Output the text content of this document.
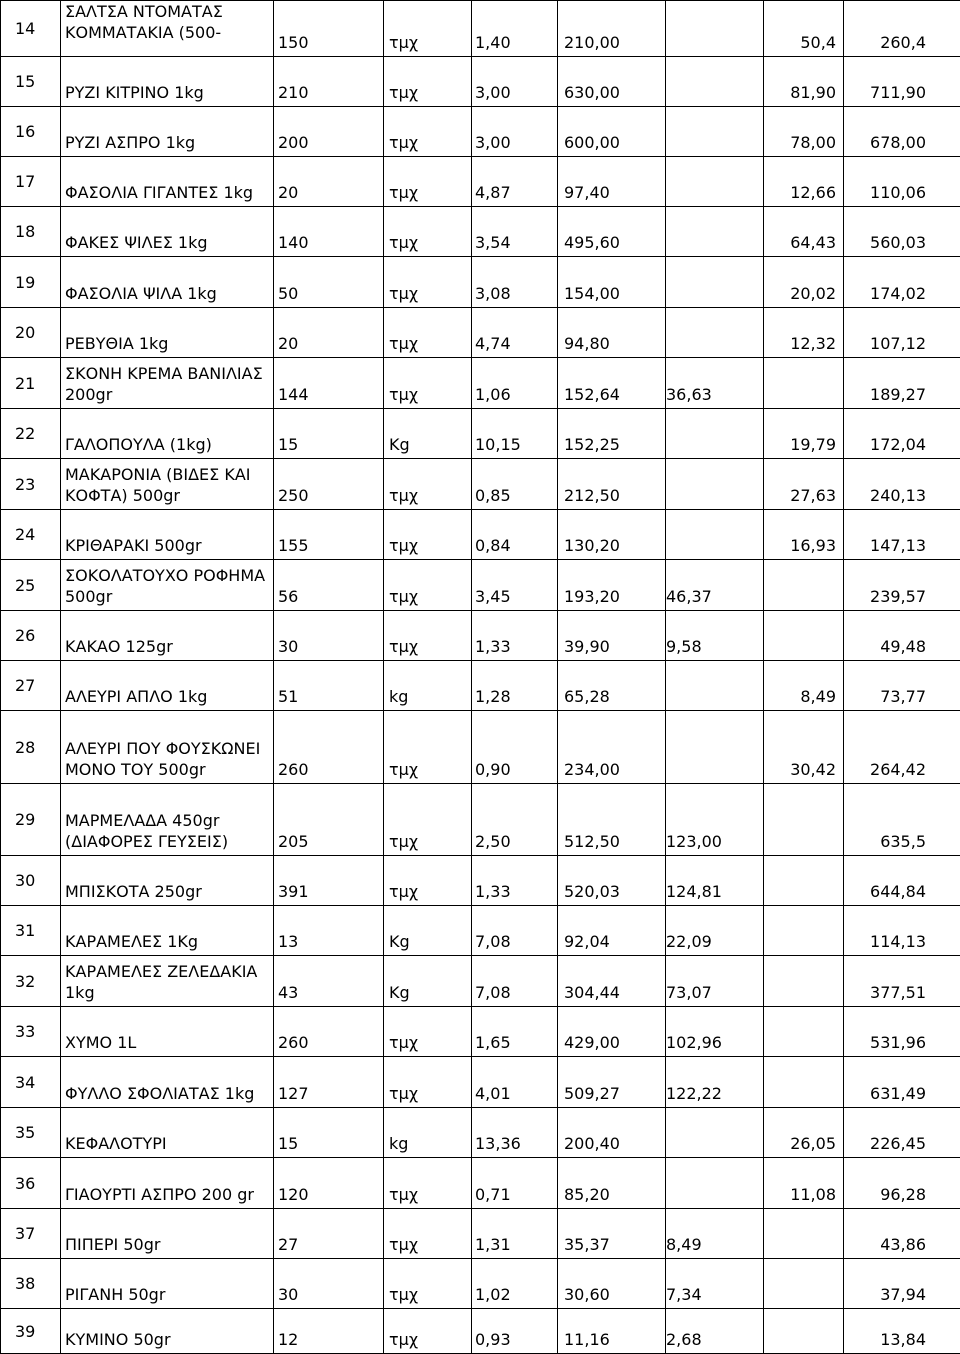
14	ΣΑΛΤΣΑ ΝΤΟΜΑΤΑΣ ΚΟΜΜΑΤΑΚΙΑ (500-	150	τμχ	1,40	210,00		50,4	260,4
15	ΡΥΖΙ ΚΙΤΡΙΝΟ 1kg	210	τμχ	3,00	630,00		81,90	711,90
16	ΡΥΖΙ ΑΣΠΡΟ 1kg	200	τμχ	3,00	600,00		78,00	678,00
17	ΦΑΣΟΛΙΑ ΓΙΓΑΝΤΕΣ 1kg	20	τμχ	4,87	97,40		12,66	110,06
18	ΦΑΚΕΣ ΨΙΛΕΣ 1kg	140	τμχ	3,54	495,60		64,43	560,03
19	ΦΑΣΟΛΙΑ ΨΙΛΑ 1kg	50	τμχ	3,08	154,00		20,02	174,02
20	ΡΕΒΥΘΙΑ 1kg	20	τμχ	4,74	94,80		12,32	107,12
21	ΣΚΟΝΗ ΚΡΕΜΑ ΒΑΝΙΛΙΑΣ 200gr	144	τμχ	1,06	152,64	36,63		189,27
22	ΓΑΛΟΠΟΥΛΑ (1kg)	15	Kg	10,15	152,25		19,79	172,04
23	ΜΑΚΑΡΟΝΙΑ (ΒΙΔΕΣ ΚΑΙ ΚΟΦΤΑ) 500gr	250	τμχ	0,85	212,50		27,63	240,13
24	ΚΡΙΘΑΡΑΚΙ 500gr	155	τμχ	0,84	130,20		16,93	147,13
25	ΣΟΚΟΛΑΤΟΥΧΟ ΡΟΦΗΜΑ 500gr	56	τμχ	3,45	193,20	46,37		239,57
26	ΚΑΚΑΟ 125gr	30	τμχ	1,33	39,90	9,58		49,48
27	ΑΛΕΥΡΙ ΑΠΛΟ 1kg	51	kg	1,28	65,28		8,49	73,77
28	ΑΛΕΥΡΙ ΠΟΥ ΦΟΥΣΚΩΝΕΙ ΜΟΝΟ ΤΟΥ 500gr	260	τμχ	0,90	234,00		30,42	264,42
29	ΜΑΡΜΕΛΑΔΑ 450gr (ΔΙΑΦΟΡΕΣ ΓΕΥΣΕΙΣ)	205	τμχ	2,50	512,50	123,00		635,5
30	ΜΠΙΣΚΟΤΑ 250gr	391	τμχ	1,33	520,03	124,81		644,84
31	ΚΑΡΑΜΕΛΕΣ 1Kg	13	Kg	7,08	92,04	22,09		114,13
32	ΚΑΡΑΜΕΛΕΣ ΖΕΛΕΔΑΚΙΑ 1kg	43	Kg	7,08	304,44	73,07		377,51
33	ΧΥΜΟ 1L	260	τμχ	1,65	429,00	102,96		531,96
34	ΦΥΛΛΟ ΣΦΟΛΙΑΤΑΣ 1kg	127	τμχ	4,01	509,27	122,22		631,49
35	ΚΕΦΑΛΟΤΥΡΙ	15	kg	13,36	200,40		26,05	226,45
36	ΓΙΑΟΥΡΤΙ ΑΣΠΡΟ 200 gr	120	τμχ	0,71	85,20		11,08	96,28
37	ΠΙΠΕΡΙ 50gr	27	τμχ	1,31	35,37	8,49		43,86
38	ΡΙΓΑΝΗ 50gr	30	τμχ	1,02	30,60	7,34		37,94
39	ΚΥΜΙΝΟ 50gr	12	τμχ	0,93	11,16	2,68		13,84
